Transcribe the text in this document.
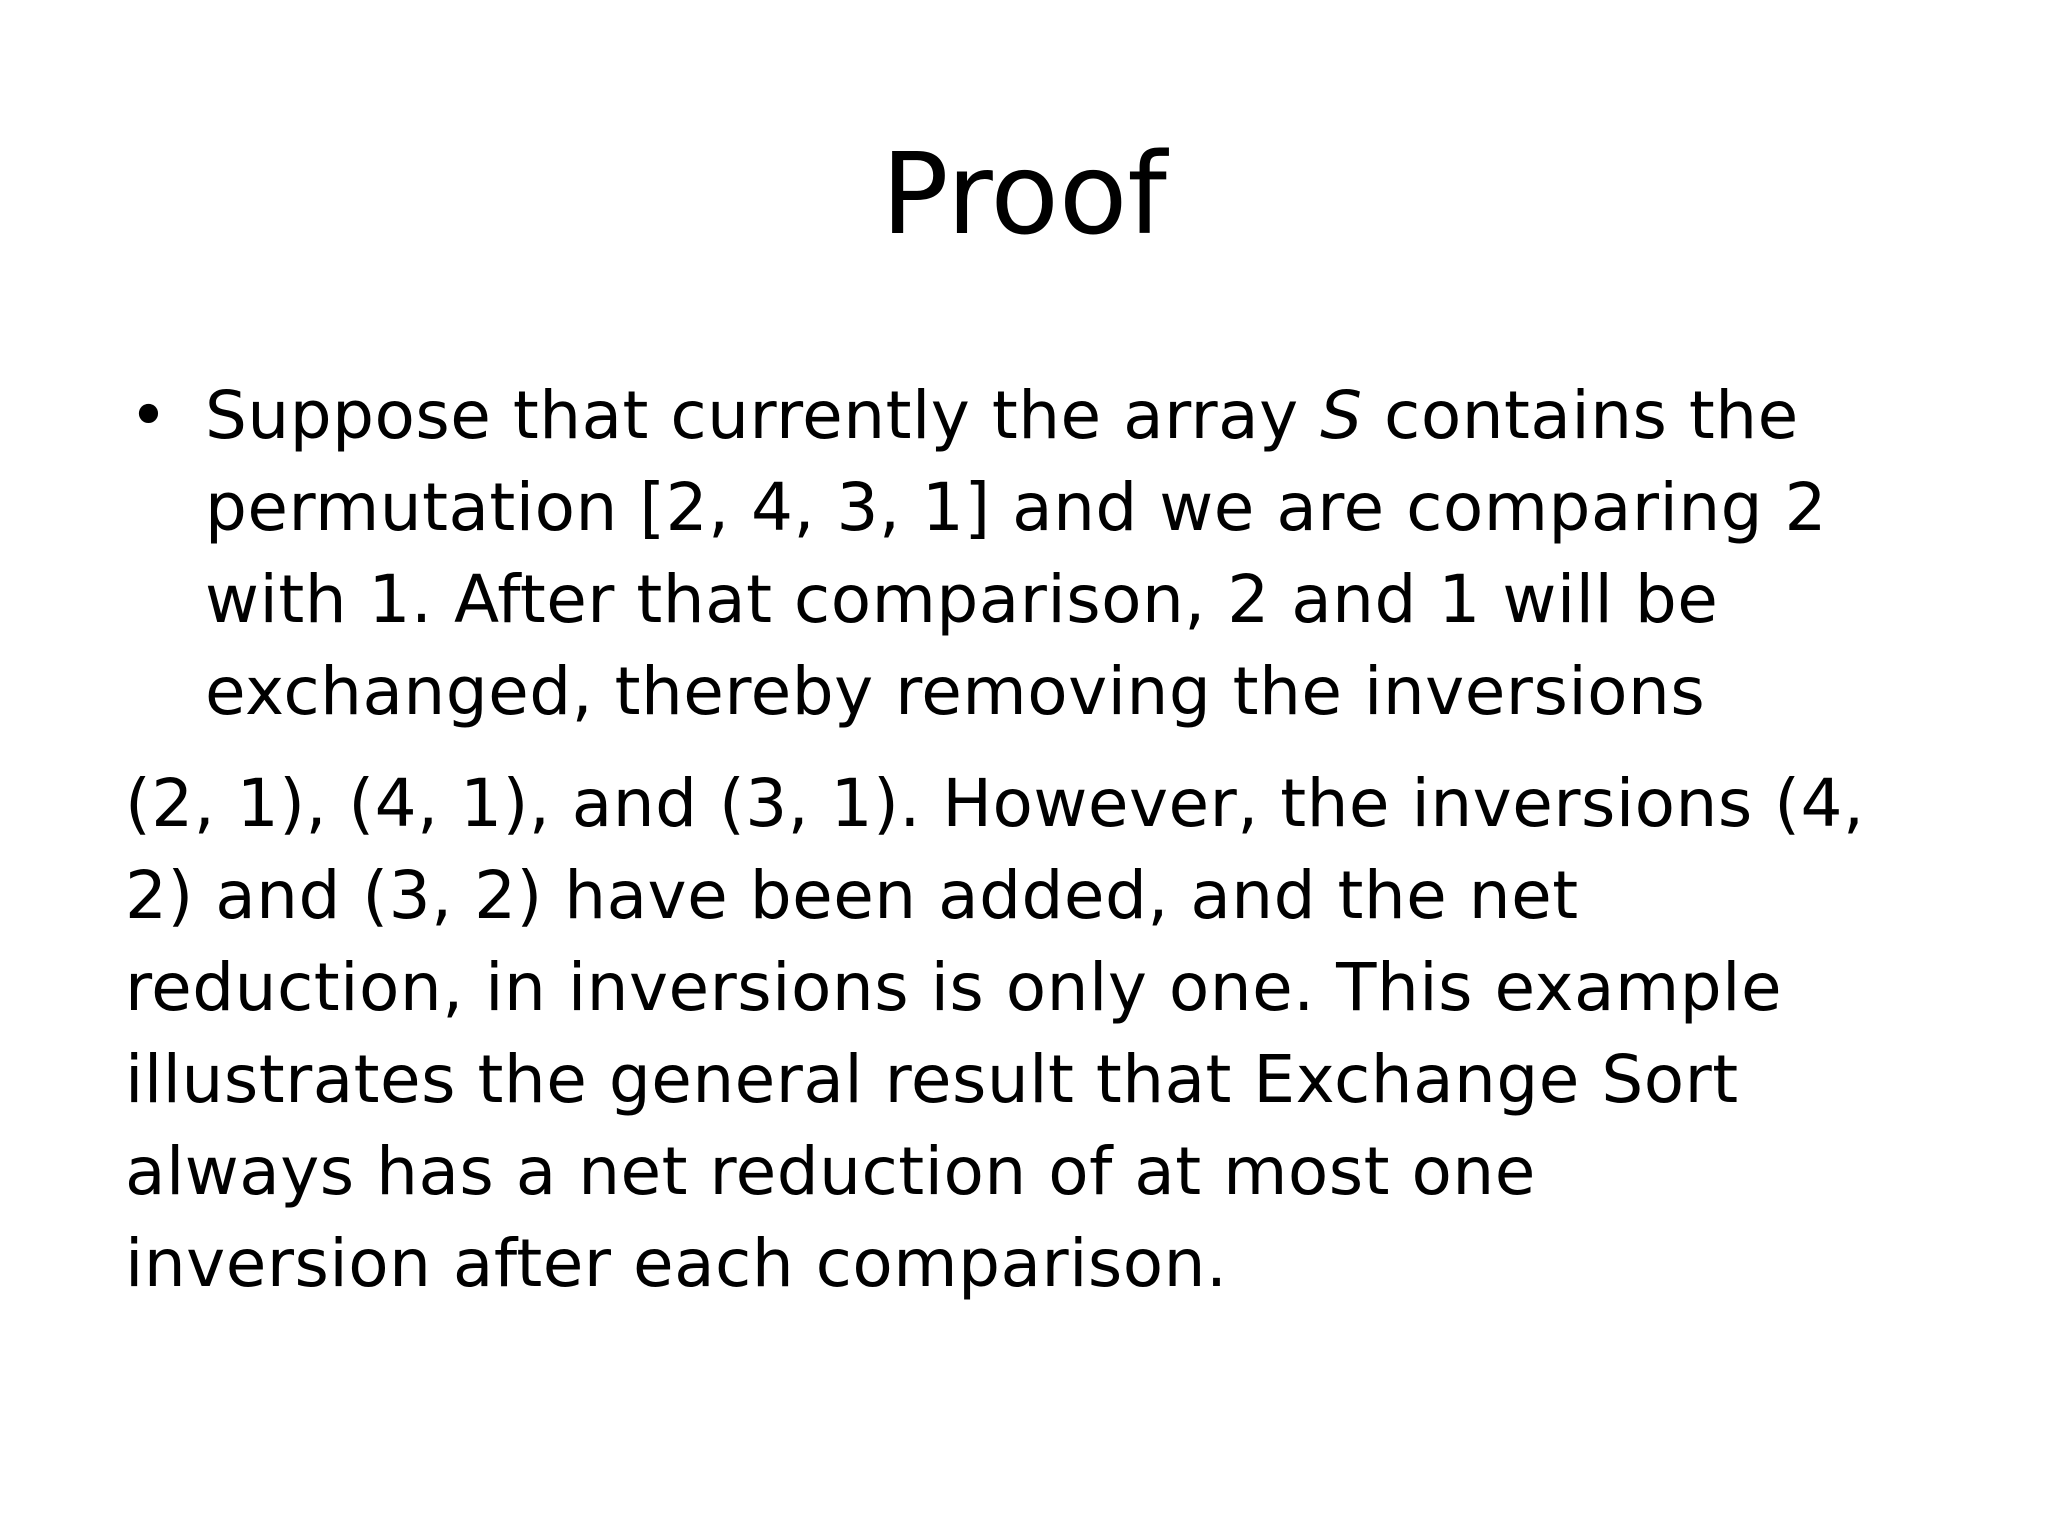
Proof
• Suppose that currently the array S contains the
permutation [2, 4, 3, 1] and we are comparing 2
with 1. After that comparison, 2 and 1 will be
exchanged, thereby removing the inversions
(2, 1), (4, 1), and (3, 1). However, the inversions (4,
2) and (3, 2) have been added, and the net
reduction, in inversions is only one. This example
illustrates the general result that Exchange Sort
always has a net reduction of at most one
inversion after each comparison.
